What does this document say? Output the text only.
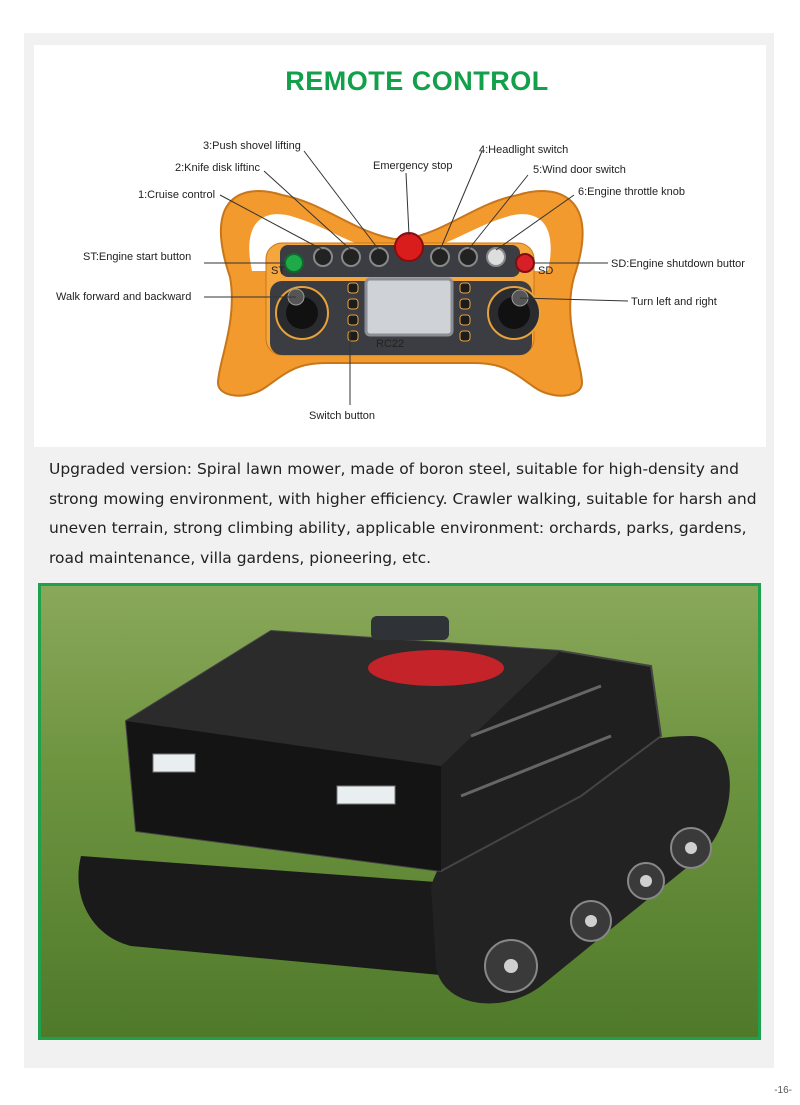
REMOTE CONTROL
ST	SD
RC22
3:Push shovel lifting
2:Knife disk liftinc
1:Cruise control
Emergency stop
4:Headlight switch
5:Wind door switch
6:Engine throttle knob
ST:Engine start button
SD:Engine shutdown buttor
Walk forward and backward	Turn left and right
Switch button

Upgraded version: Spiral lawn mower, made of boron steel, suitable for high-density and strong mowing environment, with higher efficiency. Crawler walking, suitable for harsh and uneven terrain, strong climbing ability, applicable environment: orchards, parks, gardens, road maintenance, villa gardens, pioneering, etc.

-16-
